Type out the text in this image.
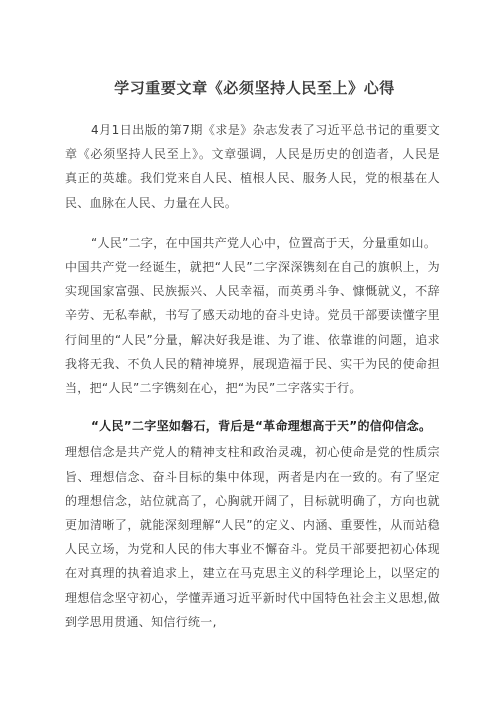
学习重要文章《必须坚持人民至上》心得

4月1日出版的第7期《求是》杂志发表了习近平总书记的重要文章《必须坚持人民至上》。文章强调，人民是历史的创造者，人民是真正的英雄。我们党来自人民、植根人民、服务人民，党的根基在人民、血脉在人民、力量在人民。

“人民”二字，在中国共产党人心中，位置高于天，分量重如山。

中国共产党一经诞生，就把“人民”二字深深镌刻在自己的旗帜上，为实现国家富强、民族振兴、人民幸福，而英勇斗争、慷慨就义，不辞辛劳、无私奉献，书写了感天动地的奋斗史诗。党员干部要读懂字里行间里的“人民”分量，解决好我是谁、为了谁、依靠谁的问题，追求我将无我、不负人民的精神境界，展现造福于民、实干为民的使命担当，把“人民”二字镌刻在心，把“为民”二字落实于行。

“人民”二字坚如磐石，背后是“革命理想高于天”的信仰信念。

理想信念是共产党人的精神支柱和政治灵魂，初心使命是党的性质宗旨、理想信念、奋斗目标的集中体现，两者是内在一致的。有了坚定的理想信念，站位就高了，心胸就开阔了，目标就明确了，方向也就更加清晰了，就能深刻理解“人民”的定义、内涵、重要性，从而站稳人民立场，为党和人民的伟大事业不懈奋斗。党员干部要把初心体现在对真理的执着追求上，建立在马克思主义的科学理论上，以坚定的理想信念坚守初心，学懂弄通习近平新时代中国特色社会主义思想,做到学思用贯通、知信行统一,
